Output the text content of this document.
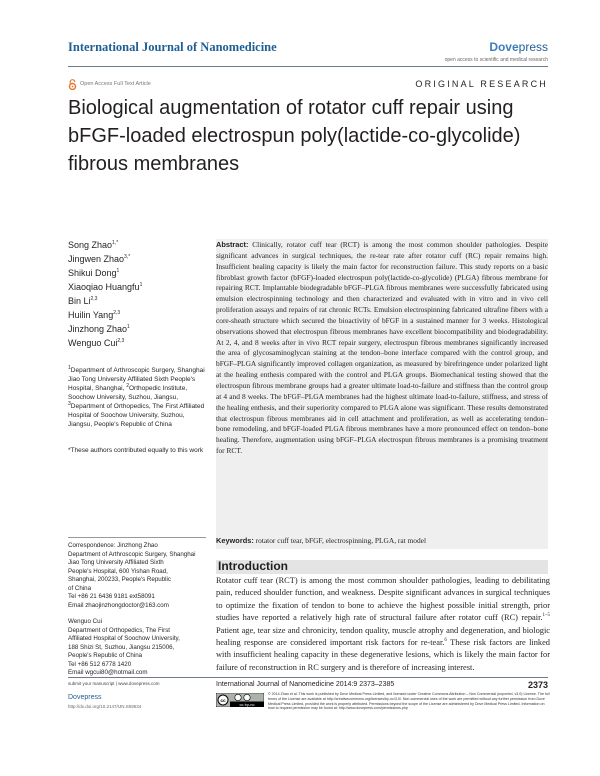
International Journal of Nanomedicine	Dovepress
open access to scientific and medical research
Open Access Full Text Article	ORIGINAL RESEARCH
Biological augmentation of rotator cuff repair using bFGF-loaded electrospun poly(lactide-co-glycolide) fibrous membranes
Song Zhao$^{1,*}$
Jingwen Zhao$^{3,*}$
Shikui Dong$^1$
Xiaoqiao Huangfu$^1$
Bin Li$^{2,3}$
Huilin Yang$^{2,3}$
Jinzhong Zhao$^1$
Wenguo Cui$^{2,3}$

$^1$Department of Arthroscopic Surgery, Shanghai Jiao Tong University Affiliated Sixth People's Hospital, Shanghai, $^2$Orthopedic Institute, Soochow University, Suzhou, Jiangsu, $^3$Department of Orthopedics, The First Affiliated Hospital of Soochow University, Suzhou, Jiangsu, People's Republic of China

*These authors contributed equally to this work
Correspondence: Jinzhong Zhao
Department of Arthroscopic Surgery, Shanghai
Jiao Tong University Affiliated Sixth
People's Hospital, 600 Yishan Road,
Shanghai, 200233, People's Republic
of China
Tel +86 21 6436 9181 ext58091
Email zhaojinzhongdoctor@163.com
Wenguo Cui
Department of Orthopedics, The First
Affiliated Hospital of Soochow University,
188 Shizi St, Suzhou, Jiangsu 215006,
People's Republic of China
Tel +86 512 6778 1420
Email wgcui80@hotmail.com
Abstract: Clinically, rotator cuff tear (RCT) is among the most common shoulder pathologies. Despite significant advances in surgical techniques, the re-tear rate after rotator cuff (RC) repair remains high. Insufficient healing capacity is likely the main factor for reconstruction failure. This study reports on a basic fibroblast growth factor (bFGF)-loaded electrospun poly(lactide-co-glycolide) (PLGA) fibrous membrane for repairing RCT. Implantable biodegradable bFGF–PLGA fibrous membranes were successfully fabricated using emulsion electrospinning technology and then characterized and evaluated with in vitro and in vivo cell proliferation assays and repairs of rat chronic RCTs. Emulsion electrospinning fabricated ultrafine fibers with a core-sheath structure which secured the bioactivity of bFGF in a sustained manner for 3 weeks. Histological observations showed that electrospun fibrous membranes have excellent biocompatibility and biodegradability. At 2, 4, and 8 weeks after in vivo RCT repair surgery, electrospun fibrous membranes significantly increased the area of glycosaminoglycan staining at the tendon–bone interface compared with the control group, and bFGF–PLGA significantly improved collagen organization, as measured by birefringence under polarized light at the healing enthesis compared with the control and PLGA groups. Biomechanical testing showed that the electrospun fibrous membrane groups had a greater ultimate load-to-failure and stiffness than the control group at 4 and 8 weeks. The bFGF–PLGA membranes had the highest ultimate load-to-failure, stiffness, and stress of the healing enthesis, and their superiority compared to PLGA alone was significant. These results demonstrated that electrospun fibrous membranes aid in cell attachment and proliferation, as well as accelerating tendon–bone remodeling, and bFGF-loaded PLGA fibrous membranes have a more pronounced effect on tendon–bone healing. Therefore, augmentation using bFGF–PLGA electrospun fibrous membranes is a promising treatment for RCT.
Keywords: rotator cuff tear, bFGF, electrospinning, PLGA, rat model
Introduction
Rotator cuff tear (RCT) is among the most common shoulder pathologies, leading to debilitating pain, reduced shoulder function, and weakness. Despite significant advances in surgical techniques to optimize the fixation of tendon to bone to achieve the highest possible initial strength, prior studies have reported a relatively high rate of structural failure after rotator cuff (RC) repair.$^{1-5}$ Patient age, tear size and chronicity, tendon quality, muscle atrophy and degeneration, and biologic healing response are considered important risk factors for re-tear.$^6$ These risk factors are linked with insufficient healing capacity in these degenerative lesions, which is likely the main factor for failure of reconstruction in RC surgery and is therefore of increasing interest.
submit your manuscript | www.dovepress.com
Dovepress
http://dx.doi.org/10.2147/IJN.S59534
International Journal of Nanomedicine 2014:9 2373–2385	2373
cc
cc by-nc
© 2014 Zhao et al. This work is published by Dove Medical Press Limited, and licensed under Creative Commons Attribution – Non Commercial (unported, v3.0) License. The full terms of the License are available at http://creativecommons.org/licenses/by-nc/3.0/. Non-commercial uses of the work are permitted without any further permission from Dove Medical Press Limited, provided the work is properly attributed. Permissions beyond the scope of the License are administered by Dove Medical Press Limited. Information on how to request permission may be found at: http://www.dovepress.com/permissions.php
